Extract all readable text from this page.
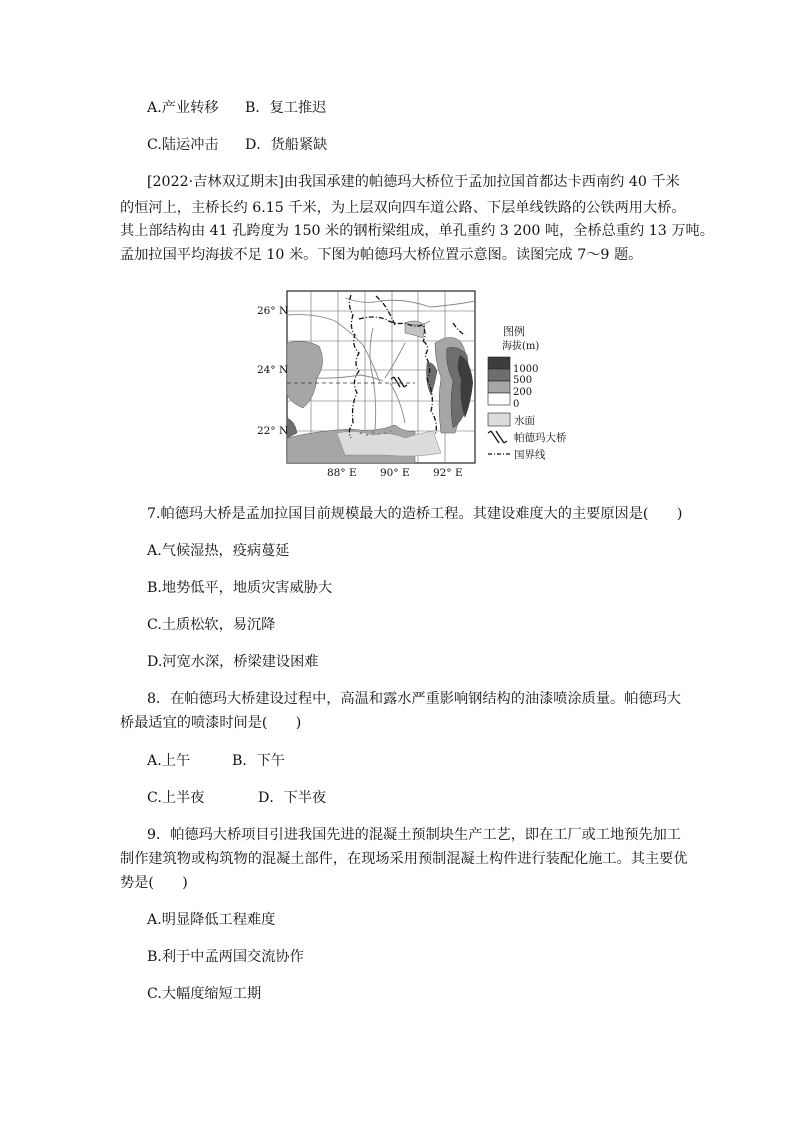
A.产业转移 B．复工推迟
C.陆运冲击 D．货船紧缺
[2022·吉林双辽期末]由我国承建的帕德玛大桥位于孟加拉国首都达卡西南约 40 千米
的恒河上，主桥长约 6.15 千米，为上层双向四车道公路、下层单线铁路的公铁两用大桥。
其上部结构由 41 孔跨度为 150 米的钢桁梁组成，单孔重约 3 200 吨，全桥总重约 13 万吨。
孟加拉国平均海拔不足 10 米。下图为帕德玛大桥位置示意图。读图完成 7～9 题。
26° N
24° N
22° N
88° E 90° E 92° E
图例
海拔(m)
1000
500
200
0
水面
帕德玛大桥
国界线
7.帕德玛大桥是孟加拉国目前规模最大的造桥工程。其建设难度大的主要原因是(　　)
A.气候湿热，疫病蔓延
B.地势低平，地质灾害威胁大
C.土质松软，易沉降
D.河宽水深，桥梁建设困难
8．在帕德玛大桥建设过程中，高温和露水严重影响钢结构的油漆喷涂质量。帕德玛大
桥最适宜的喷漆时间是(　　)
A.上午	B．下午
C.上半夜	D．下半夜
9．帕德玛大桥项目引进我国先进的混凝土预制块生产工艺，即在工厂或工地预先加工
制作建筑物或构筑物的混凝土部件，在现场采用预制混凝土构件进行装配化施工。其主要优
势是(　　)
A.明显降低工程难度
B.利于中孟两国交流协作
C.大幅度缩短工期
